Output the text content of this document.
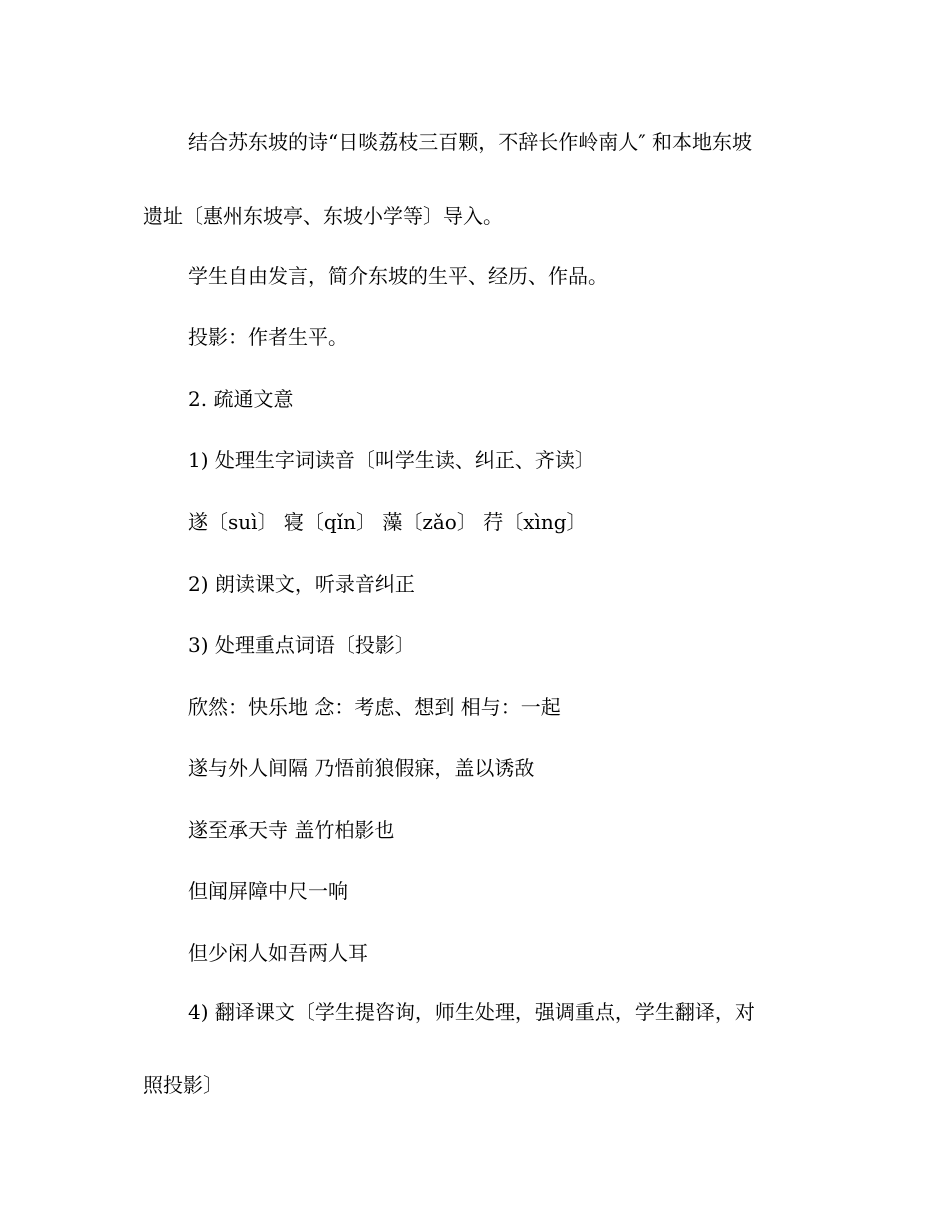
结合苏东坡的诗“日啖荔枝三百颗，不辞长作岭南人″ 和本地东坡

遗址〔惠州东坡亭、东坡小学等〕导入。

学生自由发言，简介东坡的生平、经历、作品。

投影：作者生平。

2. 疏通文意

1) 处理生字词读音〔叫学生读、纠正、齐读〕

遂〔suì〕 寝〔qǐn〕 藻〔zǎo〕 荇〔xìng〕

2) 朗读课文，听录音纠正

3) 处理重点词语〔投影〕

欣然：快乐地 念：考虑、想到 相与：一起

遂与外人间隔 乃悟前狼假寐，盖以诱敌

遂至承天寺 盖竹柏影也

但闻屏障中尺一响

但少闲人如吾两人耳

4) 翻译课文〔学生提咨询，师生处理，强调重点，学生翻译，对

照投影〕
